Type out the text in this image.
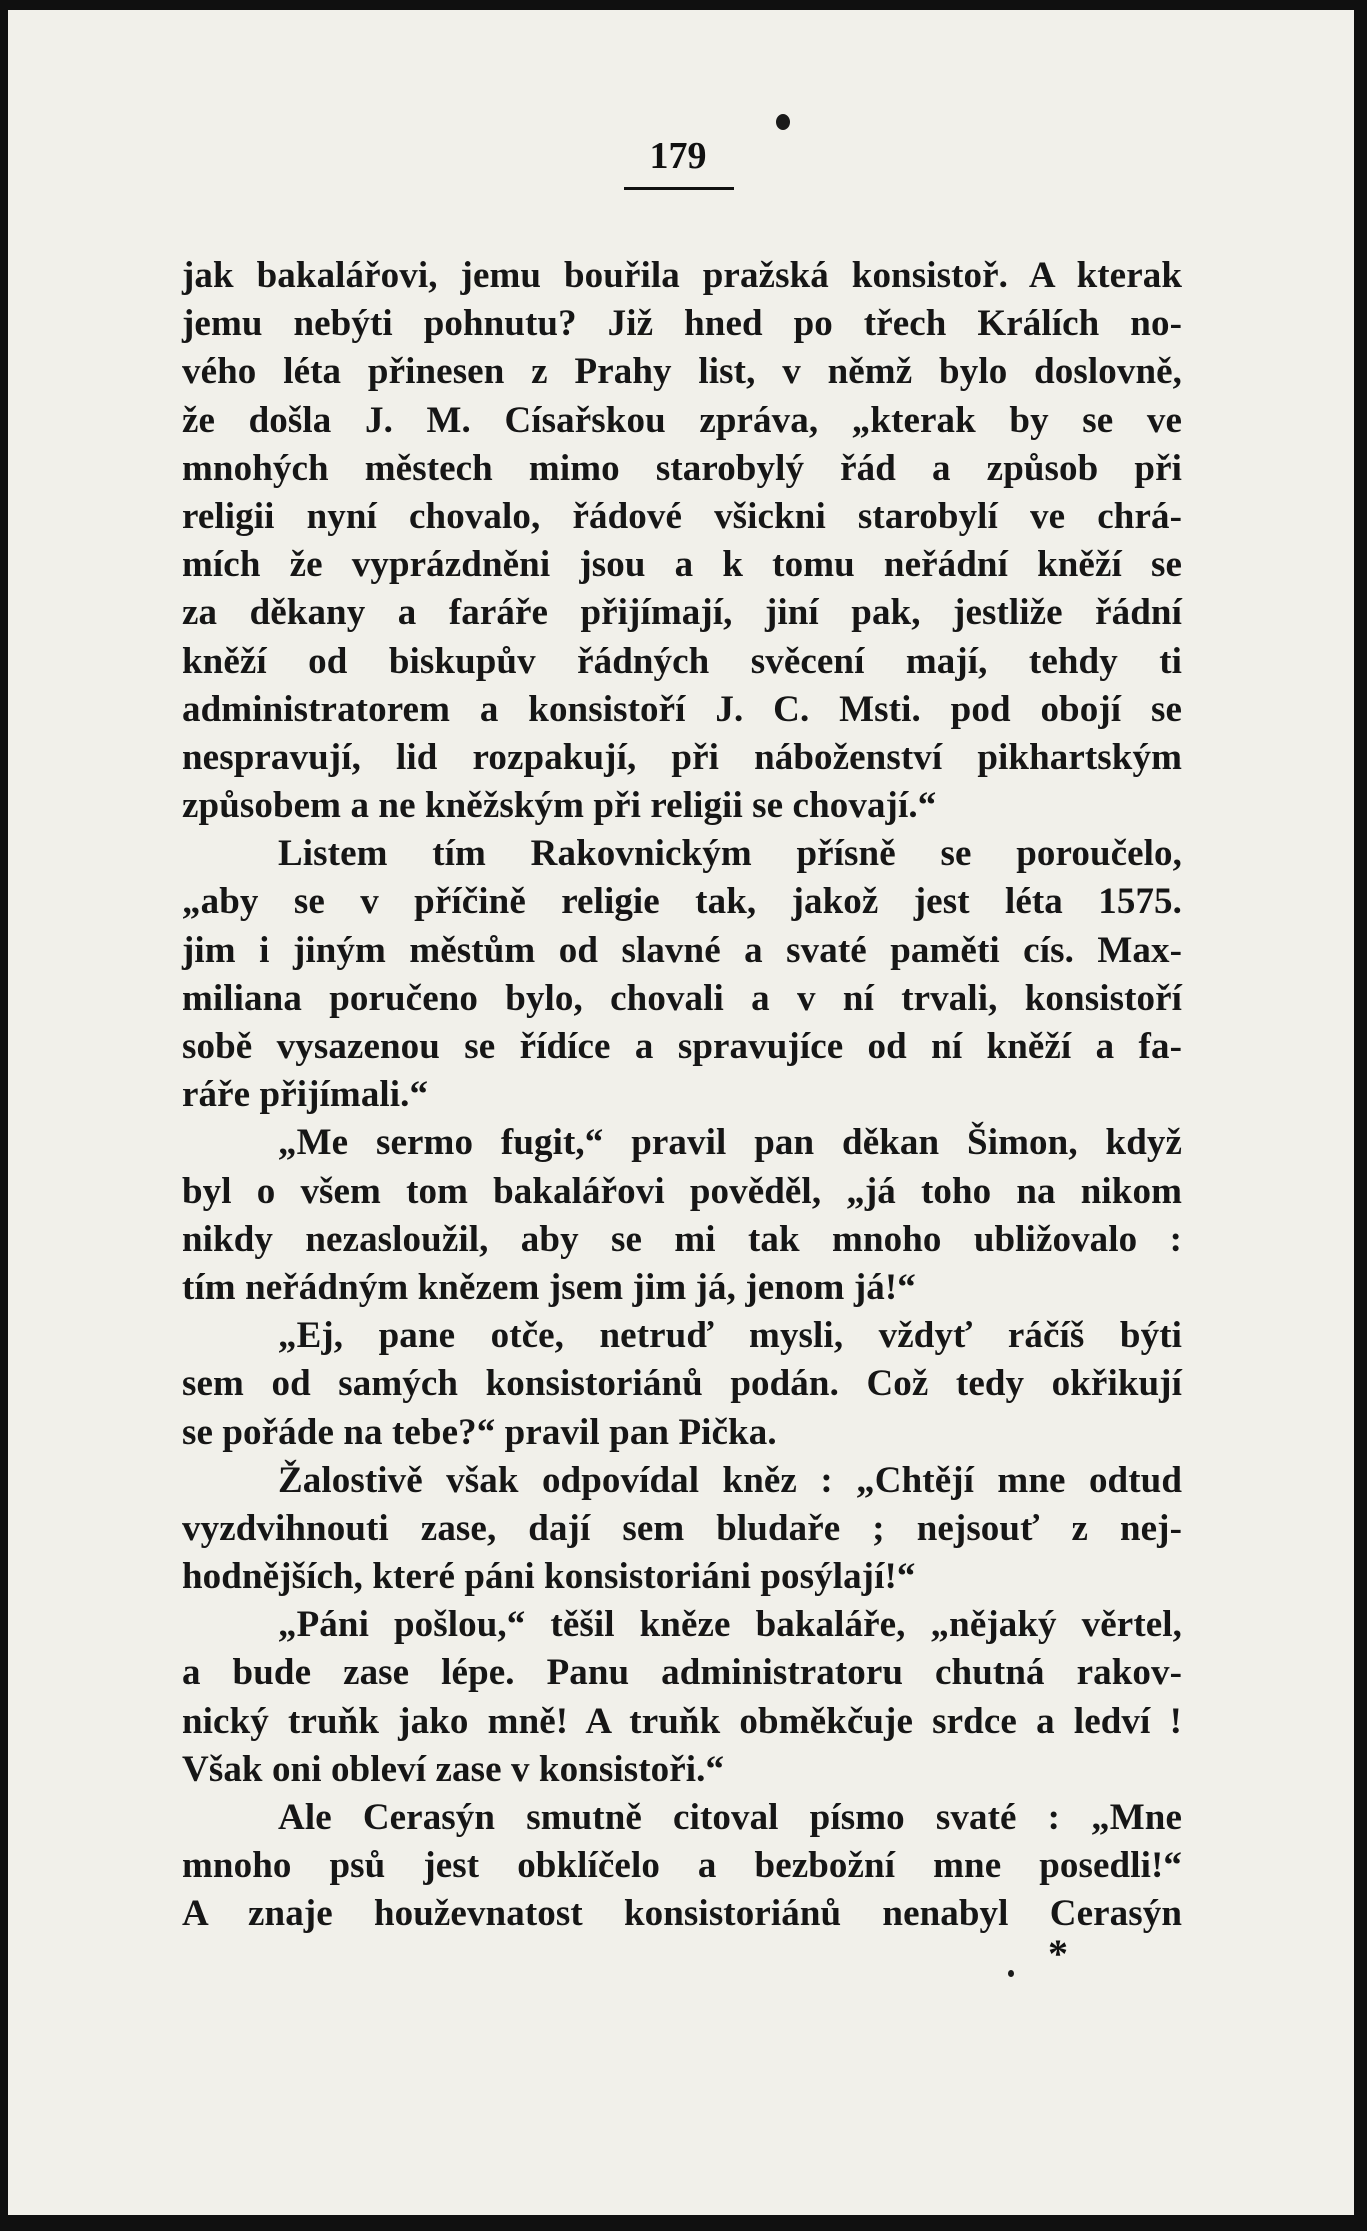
179
jak bakalářovi, jemu bouřila pražská konsistoř. A kterak
jemu nebýti pohnutu? Již hned po třech Králích no-
vého léta přinesen z Prahy list, v němž bylo doslovně,
že došla J. M. Císařskou zpráva, „kterak by se ve
mnohých městech mimo starobylý řád a způsob při
religii nyní chovalo, řádové všickni starobylí ve chrá-
mích že vyprázdněni jsou a k tomu neřádní kněží se
za děkany a faráře přijímají, jiní pak, jestliže řádní
kněží od biskupův řádných svěcení mají, tehdy ti
administratorem a konsistoří J. C. Msti. pod obojí se
nespravují, lid rozpakují, při náboženství pikhartským
způsobem a ne kněžským při religii se chovají.“
Listem tím Rakovnickým přísně se poroučelo,
„aby se v příčině religie tak, jakož jest léta 1575.
jim i jiným městům od slavné a svaté paměti cís. Max-
miliana poručeno bylo, chovali a v ní trvali, konsistoří
sobě vysazenou se řídíce a spravujíce od ní kněží a fa-
ráře přijímali.“
„Me sermo fugit,“ pravil pan děkan Šimon, když
byl o všem tom bakalářovi pověděl, „já toho na nikom
nikdy nezasloužil, aby se mi tak mnoho ubližovalo :
tím neřádným knězem jsem jim já, jenom já!“
„Ej, pane otče, netruď mysli, vždyť ráčíš býti
sem od samých konsistoriánů podán. Což tedy okřikují
se pořáde na tebe?“ pravil pan Pička.
Žalostivě však odpovídal kněz : „Chtějí mne odtud
vyzdvihnouti zase, dají sem bludaře ; nejsouť z nej-
hodnějších, které páni konsistoriáni posýlají!“
„Páni pošlou,“ těšil kněze bakaláře, „nějaký věrtel,
a bude zase lépe. Panu administratoru chutná rakov-
nický truňk jako mně! A truňk obměkčuje srdce a ledví !
Však oni obleví zase v konsistoři.“
Ale Cerasýn smutně citoval písmo svaté : „Mne
mnoho psů jest obklíčelo a bezbožní mne posedli!“
A znaje houževnatost konsistoriánů nenabyl Cerasýn
*
